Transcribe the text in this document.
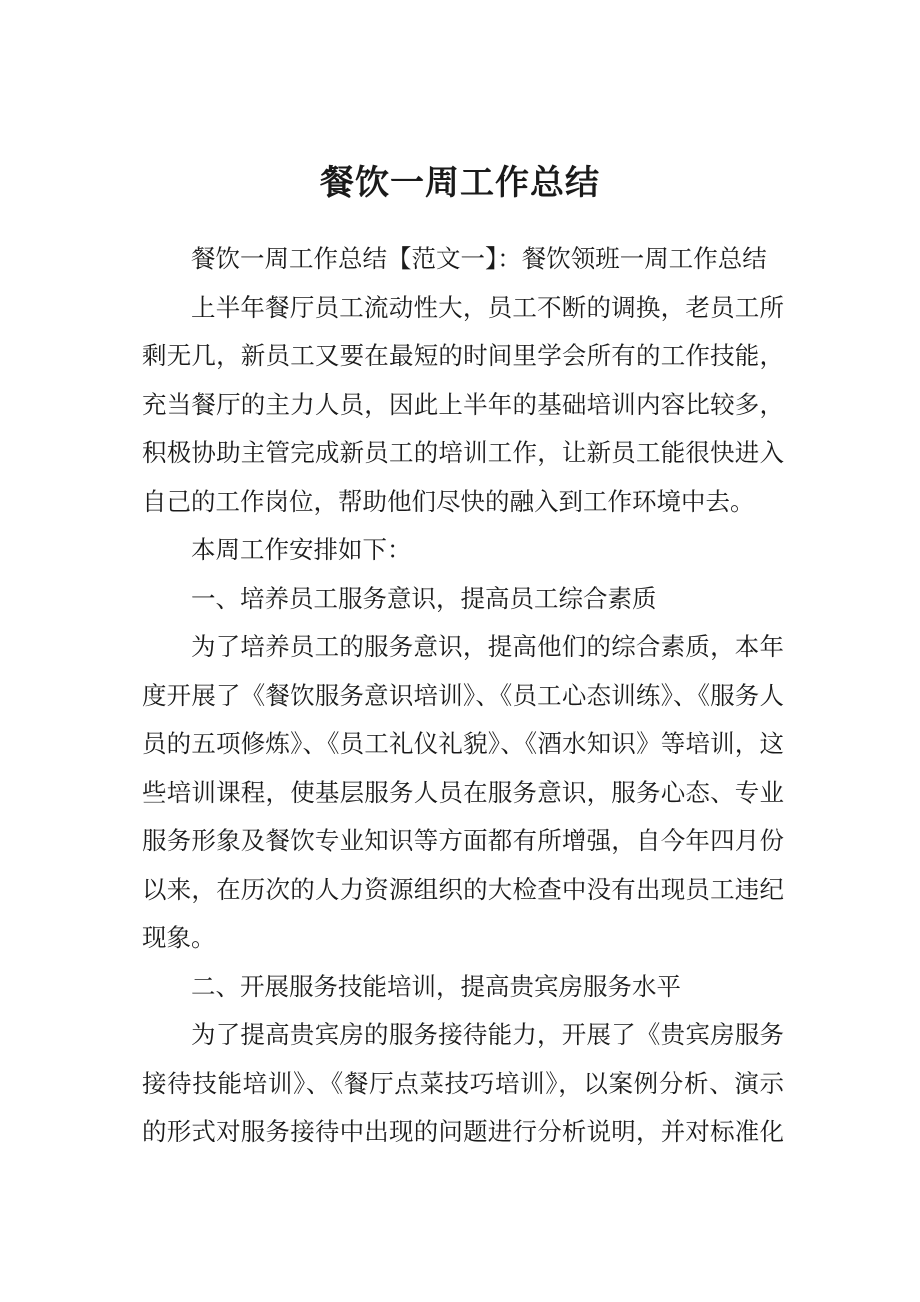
餐饮一周工作总结
餐饮一周工作总结【范文一】：餐饮领班一周工作总结
上半年餐厅员工流动性大，员工不断的调换，老员工所
剩无几，新员工又要在最短的时间里学会所有的工作技能，
充当餐厅的主力人员，因此上半年的基础培训内容比较多，
积极协助主管完成新员工的培训工作，让新员工能很快进入
自己的工作岗位，帮助他们尽快的融入到工作环境中去。
本周工作安排如下：
一、培养员工服务意识，提高员工综合素质
为了培养员工的服务意识，提高他们的综合素质，本年
度开展了《餐饮服务意识培训》、《员工心态训练》、《服务人
员的五项修炼》、《员工礼仪礼貌》、《酒水知识》等培训，这
些培训课程，使基层服务人员在服务意识，服务心态、专业
服务形象及餐饮专业知识等方面都有所增强，自今年四月份
以来，在历次的人力资源组织的大检查中没有出现员工违纪
现象。
二、开展服务技能培训，提高贵宾房服务水平
为了提高贵宾房的服务接待能力，开展了《贵宾房服务
接待技能培训》、《餐厅点菜技巧培训》，以案例分析、演示
的形式对服务接待中出现的问题进行分析说明，并对标准化
